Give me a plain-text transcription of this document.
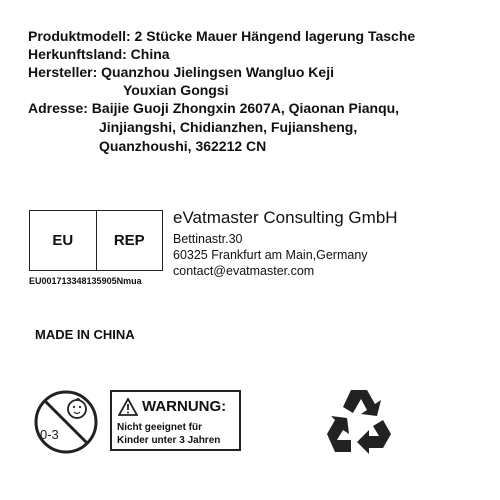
Produktmodell: 2 Stücke Mauer Hängend lagerung Tasche
Herkunftsland: China
Hersteller: Quanzhou Jielingsen Wangluo Keji
Youxian Gongsi
Adresse: Baijie Guoji Zhongxin 2607A, Qiaonan Pianqu,
Jinjiangshi, Chidianzhen, Fujiansheng,
Quanzhoushi, 362212 CN
EU	REP
EU001713348135905Nmua
eVatmaster Consulting GmbH
Bettinastr.30
60325 Frankfurt am Main,Germany
contact@evatmaster.com
MADE IN CHINA
0-3
WARNUNG:
Nicht geeignet für
Kinder unter 3 Jahren
